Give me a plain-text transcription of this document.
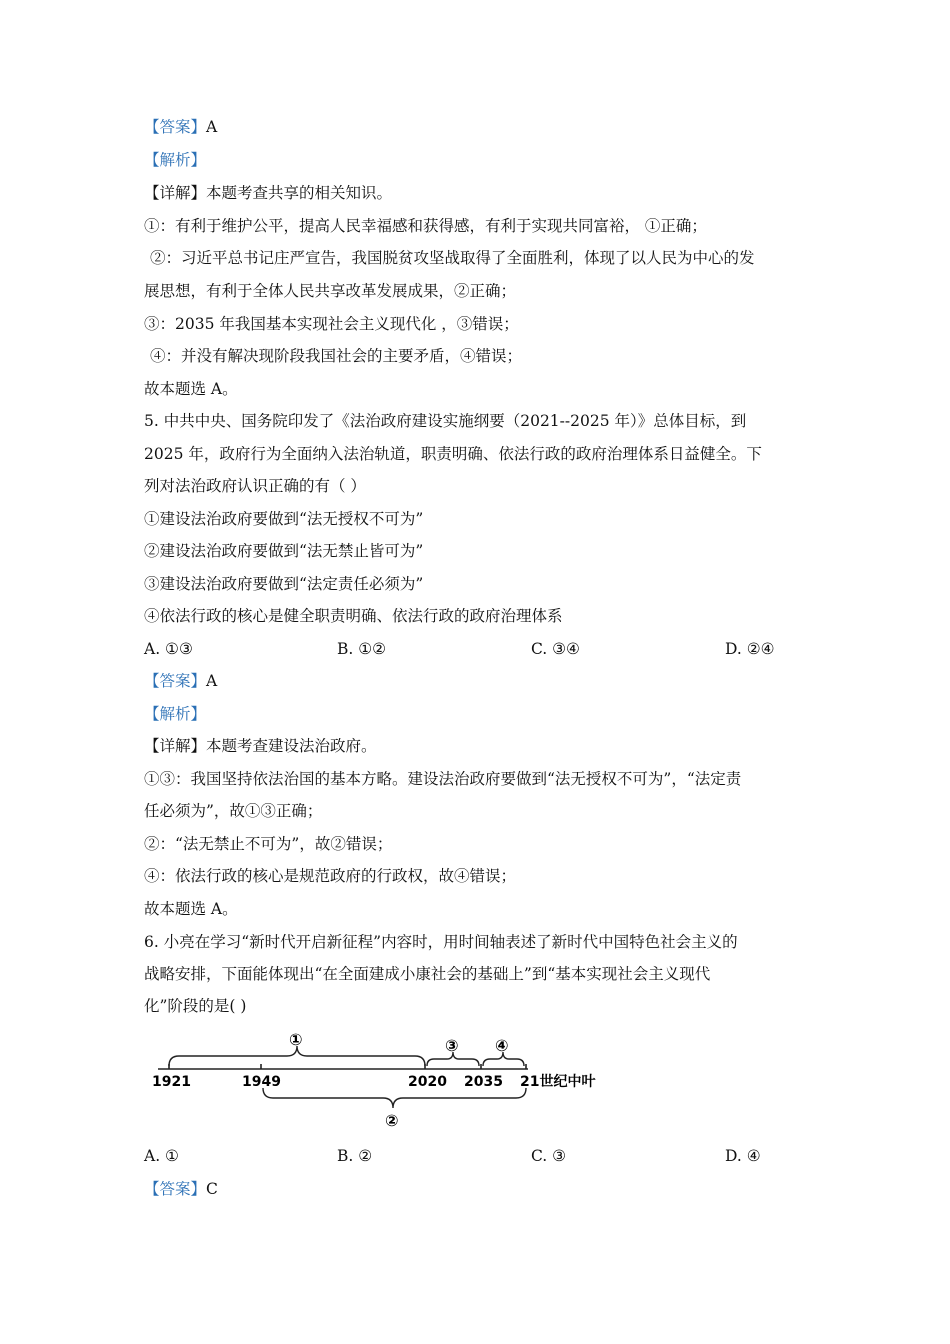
【答案】A
【解析】
【详解】本题考查共享的相关知识。
①：有利于维护公平，提高人民幸福感和获得感，有利于实现共同富裕， ①正确；
②：习近平总书记庄严宣告，我国脱贫攻坚战取得了全面胜利，体现了以人民为中心的发
展思想，有利于全体人民共享改革发展成果，②正确；
③：2035 年我国基本实现社会主义现代化 ，③错误；
④：并没有解决现阶段我国社会的主要矛盾，④错误；
故本题选 A。
5. 中共中央、国务院印发了《法治政府建设实施纲要（2021--2025 年）》总体目标，到
2025 年，政府行为全面纳入法治轨道，职责明确、依法行政的政府治理体系日益健全。下
列对法治政府认识正确的有（ ）
①建设法治政府要做到“法无授权不可为”
②建设法治政府要做到“法无禁止皆可为”
③建设法治政府要做到“法定责任必须为”
④依法行政的核心是健全职责明确、依法行政的政府治理体系
A. ①③	B. ①②	C. ③④	D. ②④
【答案】A
【解析】
【详解】本题考查建设法治政府。
①③：我国坚持依法治国的基本方略。建设法治政府要做到“法无授权不可为”，“法定责
任必须为”，故①③正确；
②：“法无禁止不可为”，故②错误；
④：依法行政的核心是规范政府的行政权，故④错误；
故本题选 A。
6. 小亮在学习“新时代开启新征程”内容时，用时间轴表述了新时代中国特色社会主义的
战略安排，下面能体现出“在全面建成小康社会的基础上”到“基本实现社会主义现代
化”阶段的是( )
1921	1949	2020 2035 21世纪中叶
①
②
③ ④
A. ①	B. ②	C. ③	D. ④
【答案】C
